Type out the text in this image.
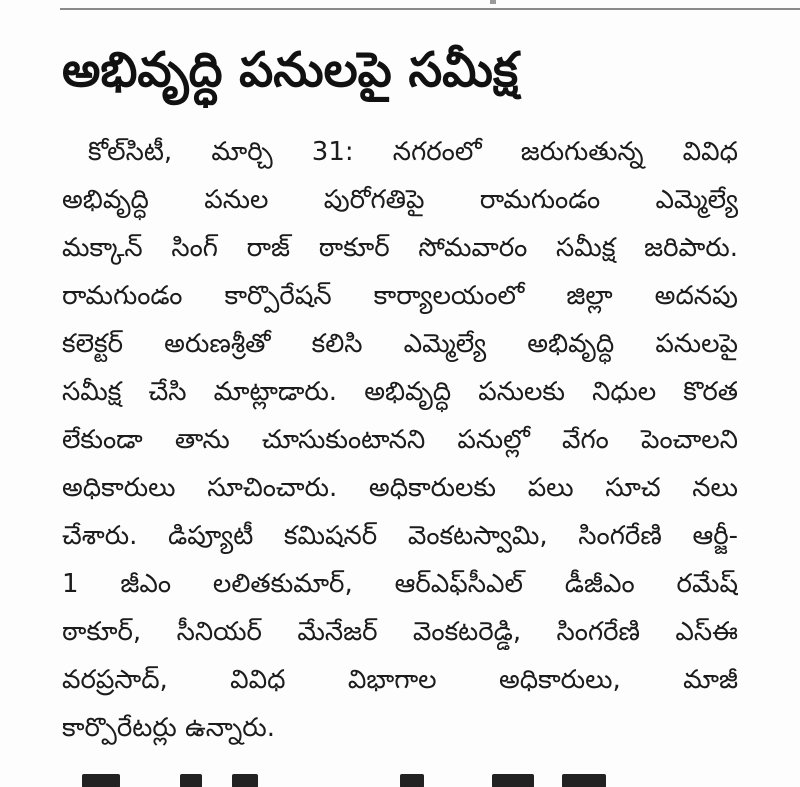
అభివృద్ధి పనులపై సమీక్ష
కోల్‌సిటీ, మార్చి 31: నగరంలో జరుగుతున్న వివిధ
అభివృద్ధి పనుల పురోగతిపై రామగుండం ఎమ్మెల్యే
మక్కాన్ సింగ్ రాజ్ ఠాకూర్ సోమవారం సమీక్ష జరిపారు.
రామగుండం కార్పొరేషన్ కార్యాలయంలో జిల్లా అదనపు
కలెక్టర్ అరుణశ్రీతో కలిసి ఎమ్మెల్యే అభివృద్ధి పనులపై
సమీక్ష చేసి మాట్లాడారు. అభివృద్ధి పనులకు నిధుల కొరత
లేకుండా తాను చూసుకుంటానని పనుల్లో వేగం పెంచాలని
అధికారులు సూచించారు. అధికారులకు పలు సూచ నలు
చేశారు. డిప్యూటీ కమిషనర్ వెంకటస్వామి, సింగరేణి ఆర్జీ-
1 జీఎం లలితకుమార్, ఆర్‌ఎఫ్‌సీఎల్ డీజీఎం రమేష్
ఠాకూర్, సీనియర్ మేనేజర్ వెంకటరెడ్డి, సింగరేణి ఎస్ఈ
వరప్రసాద్, వివిధ విభాగాల అధికారులు, మాజీ
కార్పొరేటర్లు ఉన్నారు.
